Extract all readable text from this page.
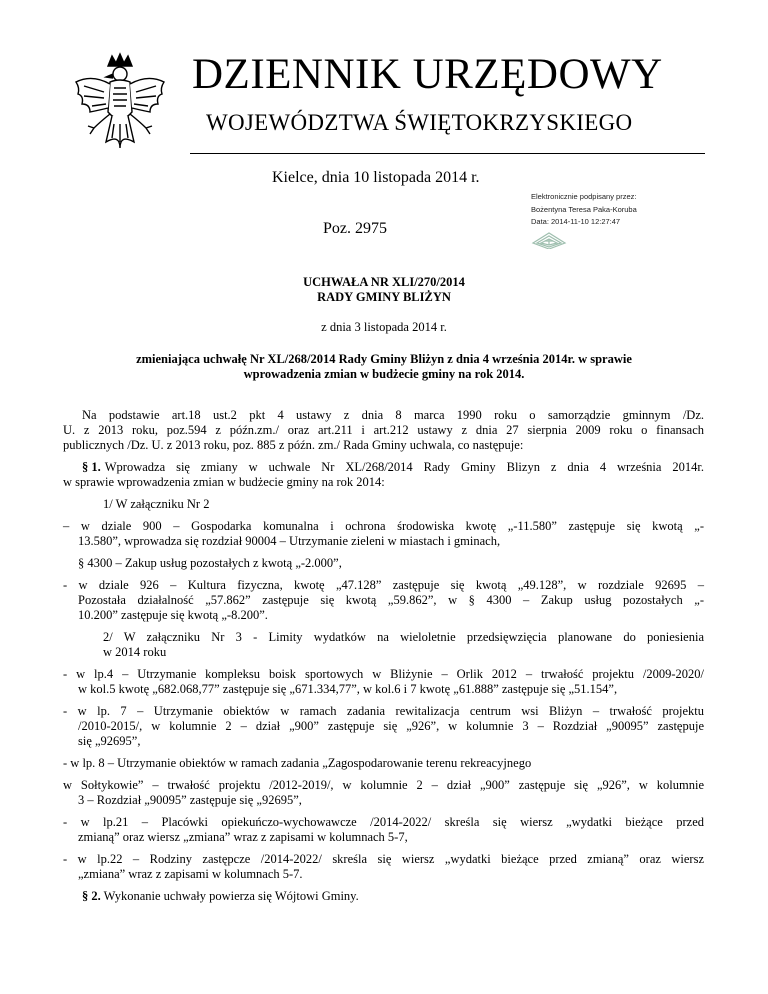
DZIENNIK URZĘDOWY
WOJEWÓDZTWA ŚWIĘTOKRZYSKIEGO
Kielce, dnia 10 listopada 2014 r.
Poz. 2975
Elektronicznie podpisany przez:
Bożentyna Teresa Paka-Koruba
Data: 2014-11-10 12:27:47
UCHWAŁA NR XLI/270/2014
RADY GMINY BLIŻYN
z dnia 3 listopada 2014 r.
zmieniająca uchwałę Nr XL/268/2014 Rady Gminy Bliżyn z dnia 4 września 2014r. w sprawie
wprowadzenia zmian w budżecie gminy na rok 2014.
Na podstawie art.18 ust.2 pkt 4 ustawy z dnia 8 marca 1990 roku o samorządzie gminnym /Dz.
U. z 2013 roku, poz.594 z późn.zm./ oraz art.211 i art.212 ustawy z dnia 27 sierpnia 2009 roku o finansach
publicznych /Dz. U. z 2013 roku, poz. 885 z późn. zm./ Rada Gminy uchwala, co następuje:
§ 1. Wprowadza się zmiany w uchwale Nr XL/268/2014 Rady Gminy Blizyn z dnia 4 września 2014r.
w sprawie wprowadzenia zmian w budżecie gminy na rok 2014:
1/ W załączniku Nr 2
– w dziale 900 – Gospodarka komunalna i ochrona środowiska kwotę „-11.580” zastępuje się kwotą „-
13.580”, wprowadza się rozdział 90004 – Utrzymanie zieleni w miastach i gminach,
§ 4300 – Zakup usług pozostałych z kwotą „-2.000”,
- w dziale 926 – Kultura fizyczna, kwotę „47.128” zastępuje się kwotą „49.128”, w rozdziale 92695 –
Pozostała działalność „57.862” zastępuje się kwotą „59.862”, w § 4300 – Zakup usług pozostałych „-
10.200” zastępuje się kwotą „-8.200”.
2/ W załączniku Nr 3 - Limity wydatków na wieloletnie przedsięwzięcia planowane do poniesienia
w 2014 roku
- w lp.4 – Utrzymanie kompleksu boisk sportowych w Bliżynie – Orlik 2012 – trwałość projektu /2009-2020/
w kol.5 kwotę „682.068,77” zastępuje się „671.334,77”, w kol.6 i 7 kwotę „61.888” zastępuje się „51.154”,
- w lp. 7 – Utrzymanie obiektów w ramach zadania rewitalizacja centrum wsi Bliżyn – trwałość projektu
/2010-2015/, w kolumnie 2 – dział „900” zastępuje się „926”, w kolumnie 3 – Rozdział „90095” zastępuje
się „92695”,
- w lp. 8 – Utrzymanie obiektów w ramach zadania „Zagospodarowanie terenu rekreacyjnego
w Sołtykowie” – trwałość projektu /2012-2019/, w kolumnie 2 – dział „900” zastępuje się „926”, w kolumnie
3 – Rozdział „90095” zastępuje się „92695”,
- w lp.21 – Placówki opiekuńczo-wychowawcze /2014-2022/ skreśla się wiersz „wydatki bieżące przed
zmianą” oraz wiersz „zmiana” wraz z zapisami w kolumnach 5-7,
- w lp.22 – Rodziny zastępcze /2014-2022/ skreśla się wiersz „wydatki bieżące przed zmianą” oraz wiersz
„zmiana” wraz z zapisami w kolumnach 5-7.
§ 2. Wykonanie uchwały powierza się Wójtowi Gminy.
